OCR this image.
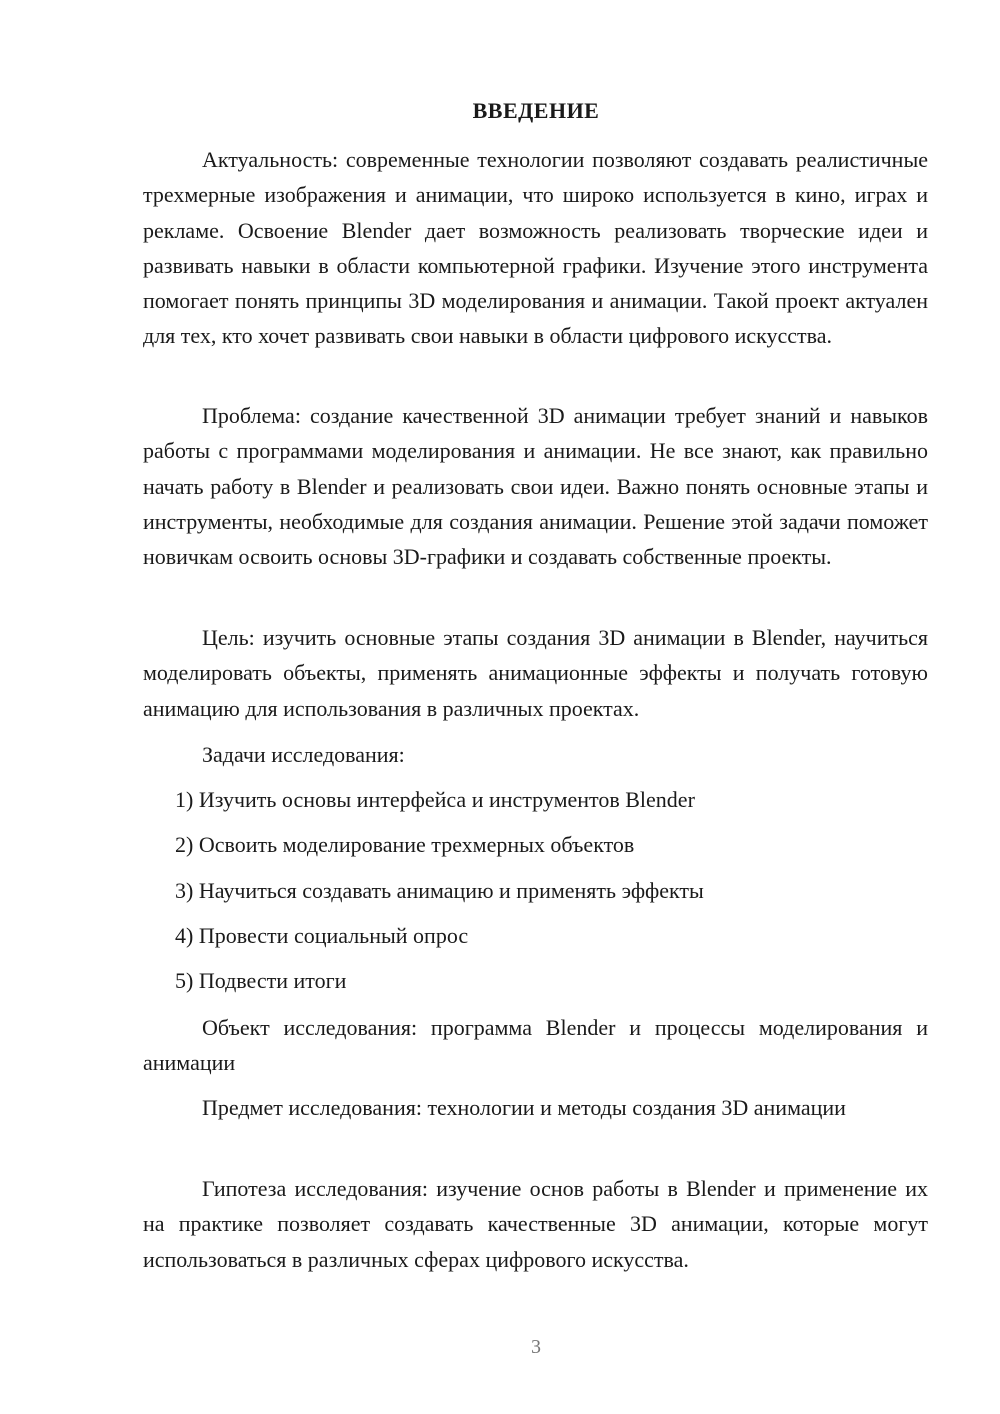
ВВЕДЕНИЕ

Актуальность: современные технологии позволяют создавать реалистичные трехмерные изображения и анимации, что широко используется в кино, играх и рекламе. Освоение Blender дает возможность реализовать творческие идеи и развивать навыки в области компьютерной графики. Изучение этого инструмента помогает понять принципы 3D моделирования и анимации. Такой проект актуален для тех, кто хочет развивать свои навыки в области цифрового искусства.

Проблема: создание качественной 3D анимации требует знаний и навыков работы с программами моделирования и анимации. Не все знают, как правильно начать работу в Blender и реализовать свои идеи. Важно понять основные этапы и инструменты, необходимые для создания анимации. Решение этой задачи поможет новичкам освоить основы 3D-графики и создавать собственные проекты.

Цель: изучить основные этапы создания 3D анимации в Blender, научиться моделировать объекты, применять анимационные эффекты и получать готовую анимацию для использования в различных проектах.

Задачи исследования:
1) Изучить основы интерфейса и инструментов Blender
2) Освоить моделирование трехмерных объектов
3) Научиться создавать анимацию и применять эффекты
4) Провести социальный опрос
5) Подвести итоги

Объект исследования: программа Blender и процессы моделирования и анимации

Предмет исследования: технологии и методы создания 3D анимации

Гипотеза исследования: изучение основ работы в Blender и применение их на практике позволяет создавать качественные 3D анимации, которые могут использоваться в различных сферах цифрового искусства.

3
